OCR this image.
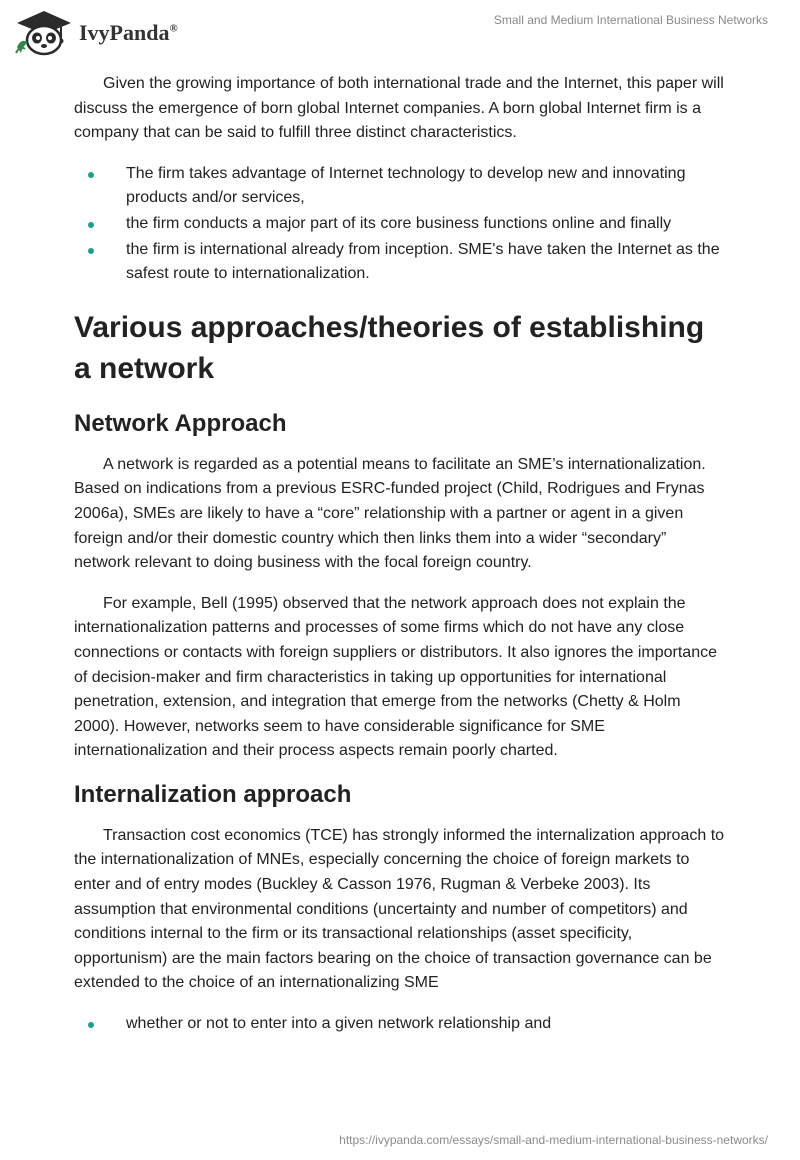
IvyPanda®
Small and Medium International Business Networks

Given the growing importance of both international trade and the Internet, this paper will discuss the emergence of born global Internet companies. A born global Internet firm is a company that can be said to fulfill three distinct characteristics.

The firm takes advantage of Internet technology to develop new and innovating products and/or services,
the firm conducts a major part of its core business functions online and finally
the firm is international already from inception. SME's have taken the Internet as the safest route to internationalization.
Various approaches/theories of establishing a network
Network Approach

A network is regarded as a potential means to facilitate an SME’s internationalization. Based on indications from a previous ESRC-funded project (Child, Rodrigues and Frynas 2006a), SMEs are likely to have a “core” relationship with a partner or agent in a given foreign and/or their domestic country which then links them into a wider “secondary” network relevant to doing business with the focal foreign country.

For example, Bell (1995) observed that the network approach does not explain the internationalization patterns and processes of some firms which do not have any close connections or contacts with foreign suppliers or distributors. It also ignores the importance of decision-maker and firm characteristics in taking up opportunities for international penetration, extension, and integration that emerge from the networks (Chetty & Holm 2000). However, networks seem to have considerable significance for SME internationalization and their process aspects remain poorly charted.

Internalization approach

Transaction cost economics (TCE) has strongly informed the internalization approach to the internationalization of MNEs, especially concerning the choice of foreign markets to enter and of entry modes (Buckley & Casson 1976, Rugman & Verbeke 2003). Its assumption that environmental conditions (uncertainty and number of competitors) and conditions internal to the firm or its transactional relationships (asset specificity, opportunism) are the main factors bearing on the choice of transaction governance can be extended to the choice of an internationalizing SME

whether or not to enter into a given network relationship and
https://ivypanda.com/essays/small-and-medium-international-business-networks/
